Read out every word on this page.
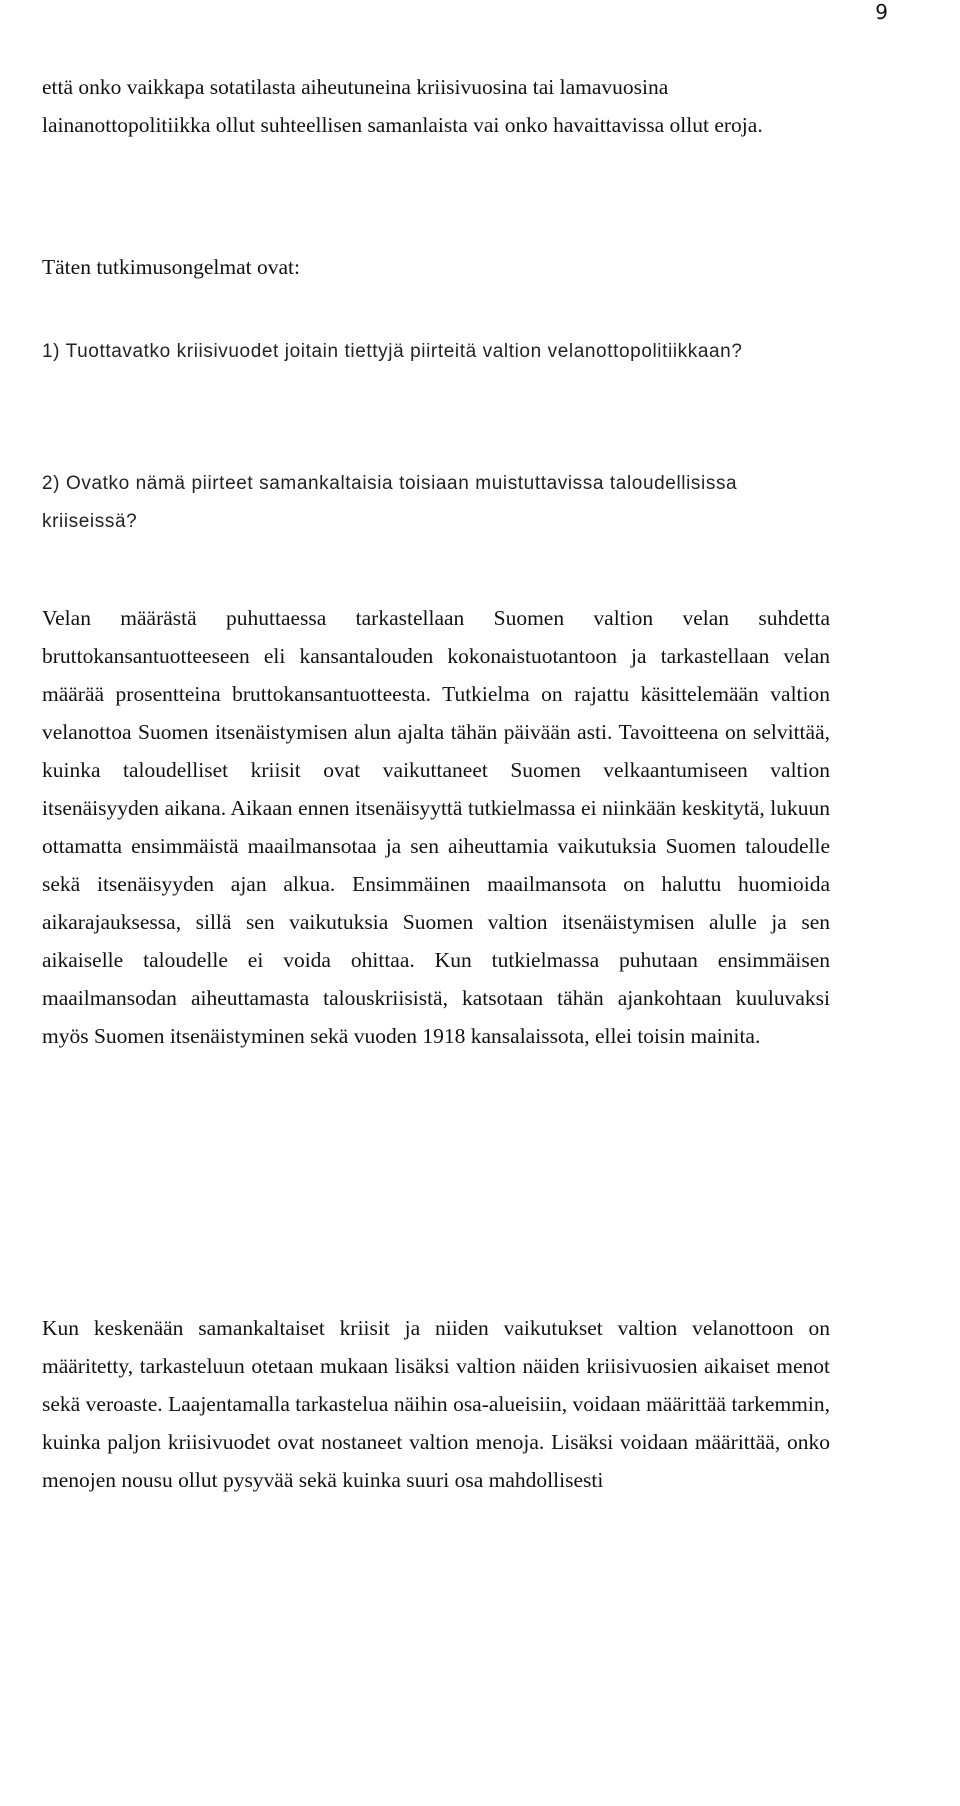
9

että onko vaikkapa sotatilasta aiheutuneina kriisivuosina tai lamavuosina lainanottopolitiikka ollut suhteellisen samanlaista vai onko havaittavissa ollut eroja.

Täten tutkimusongelmat ovat:

1) Tuottavatko kriisivuodet joitain tiettyjä piirteitä valtion velanottopolitiikkaan?

2) Ovatko nämä piirteet samankaltaisia toisiaan muistuttavissa taloudellisissa kriiseissä?

Velan määrästä puhuttaessa tarkastellaan Suomen valtion velan suhdetta bruttokansantuotteeseen eli kansantalouden kokonaistuotantoon ja tarkastellaan velan määrää prosentteina bruttokansantuotteesta. Tutkielma on rajattu käsittelemään valtion velanottoa Suomen itsenäistymisen alun ajalta tähän päivään asti. Tavoitteena on selvittää, kuinka taloudelliset kriisit ovat vaikuttaneet Suomen velkaantumiseen valtion itsenäisyyden aikana. Aikaan ennen itsenäisyyttä tutkielmassa ei niinkään keskitytä, lukuun ottamatta ensimmäistä maailmansotaa ja sen aiheuttamia vaikutuksia Suomen taloudelle sekä itsenäisyyden ajan alkua. Ensimmäinen maailmansota on haluttu huomioida aikarajauksessa, sillä sen vaikutuksia Suomen valtion itsenäistymisen alulle ja sen aikaiselle taloudelle ei voida ohittaa. Kun tutkielmassa puhutaan ensimmäisen maailmansodan aiheuttamasta talouskriisistä, katsotaan tähän ajankohtaan kuuluvaksi myös Suomen itsenäistyminen sekä vuoden 1918 kansalaissota, ellei toisin mainita.

Kun keskenään samankaltaiset kriisit ja niiden vaikutukset valtion velanottoon on määritetty, tarkasteluun otetaan mukaan lisäksi valtion näiden kriisivuosien aikaiset menot sekä veroaste. Laajentamalla tarkastelua näihin osa-alueisiin, voidaan määrittää tarkemmin, kuinka paljon kriisivuodet ovat nostaneet valtion menoja. Lisäksi voidaan määrittää, onko menojen nousu ollut pysyvää sekä kuinka suuri osa mahdollisesti
